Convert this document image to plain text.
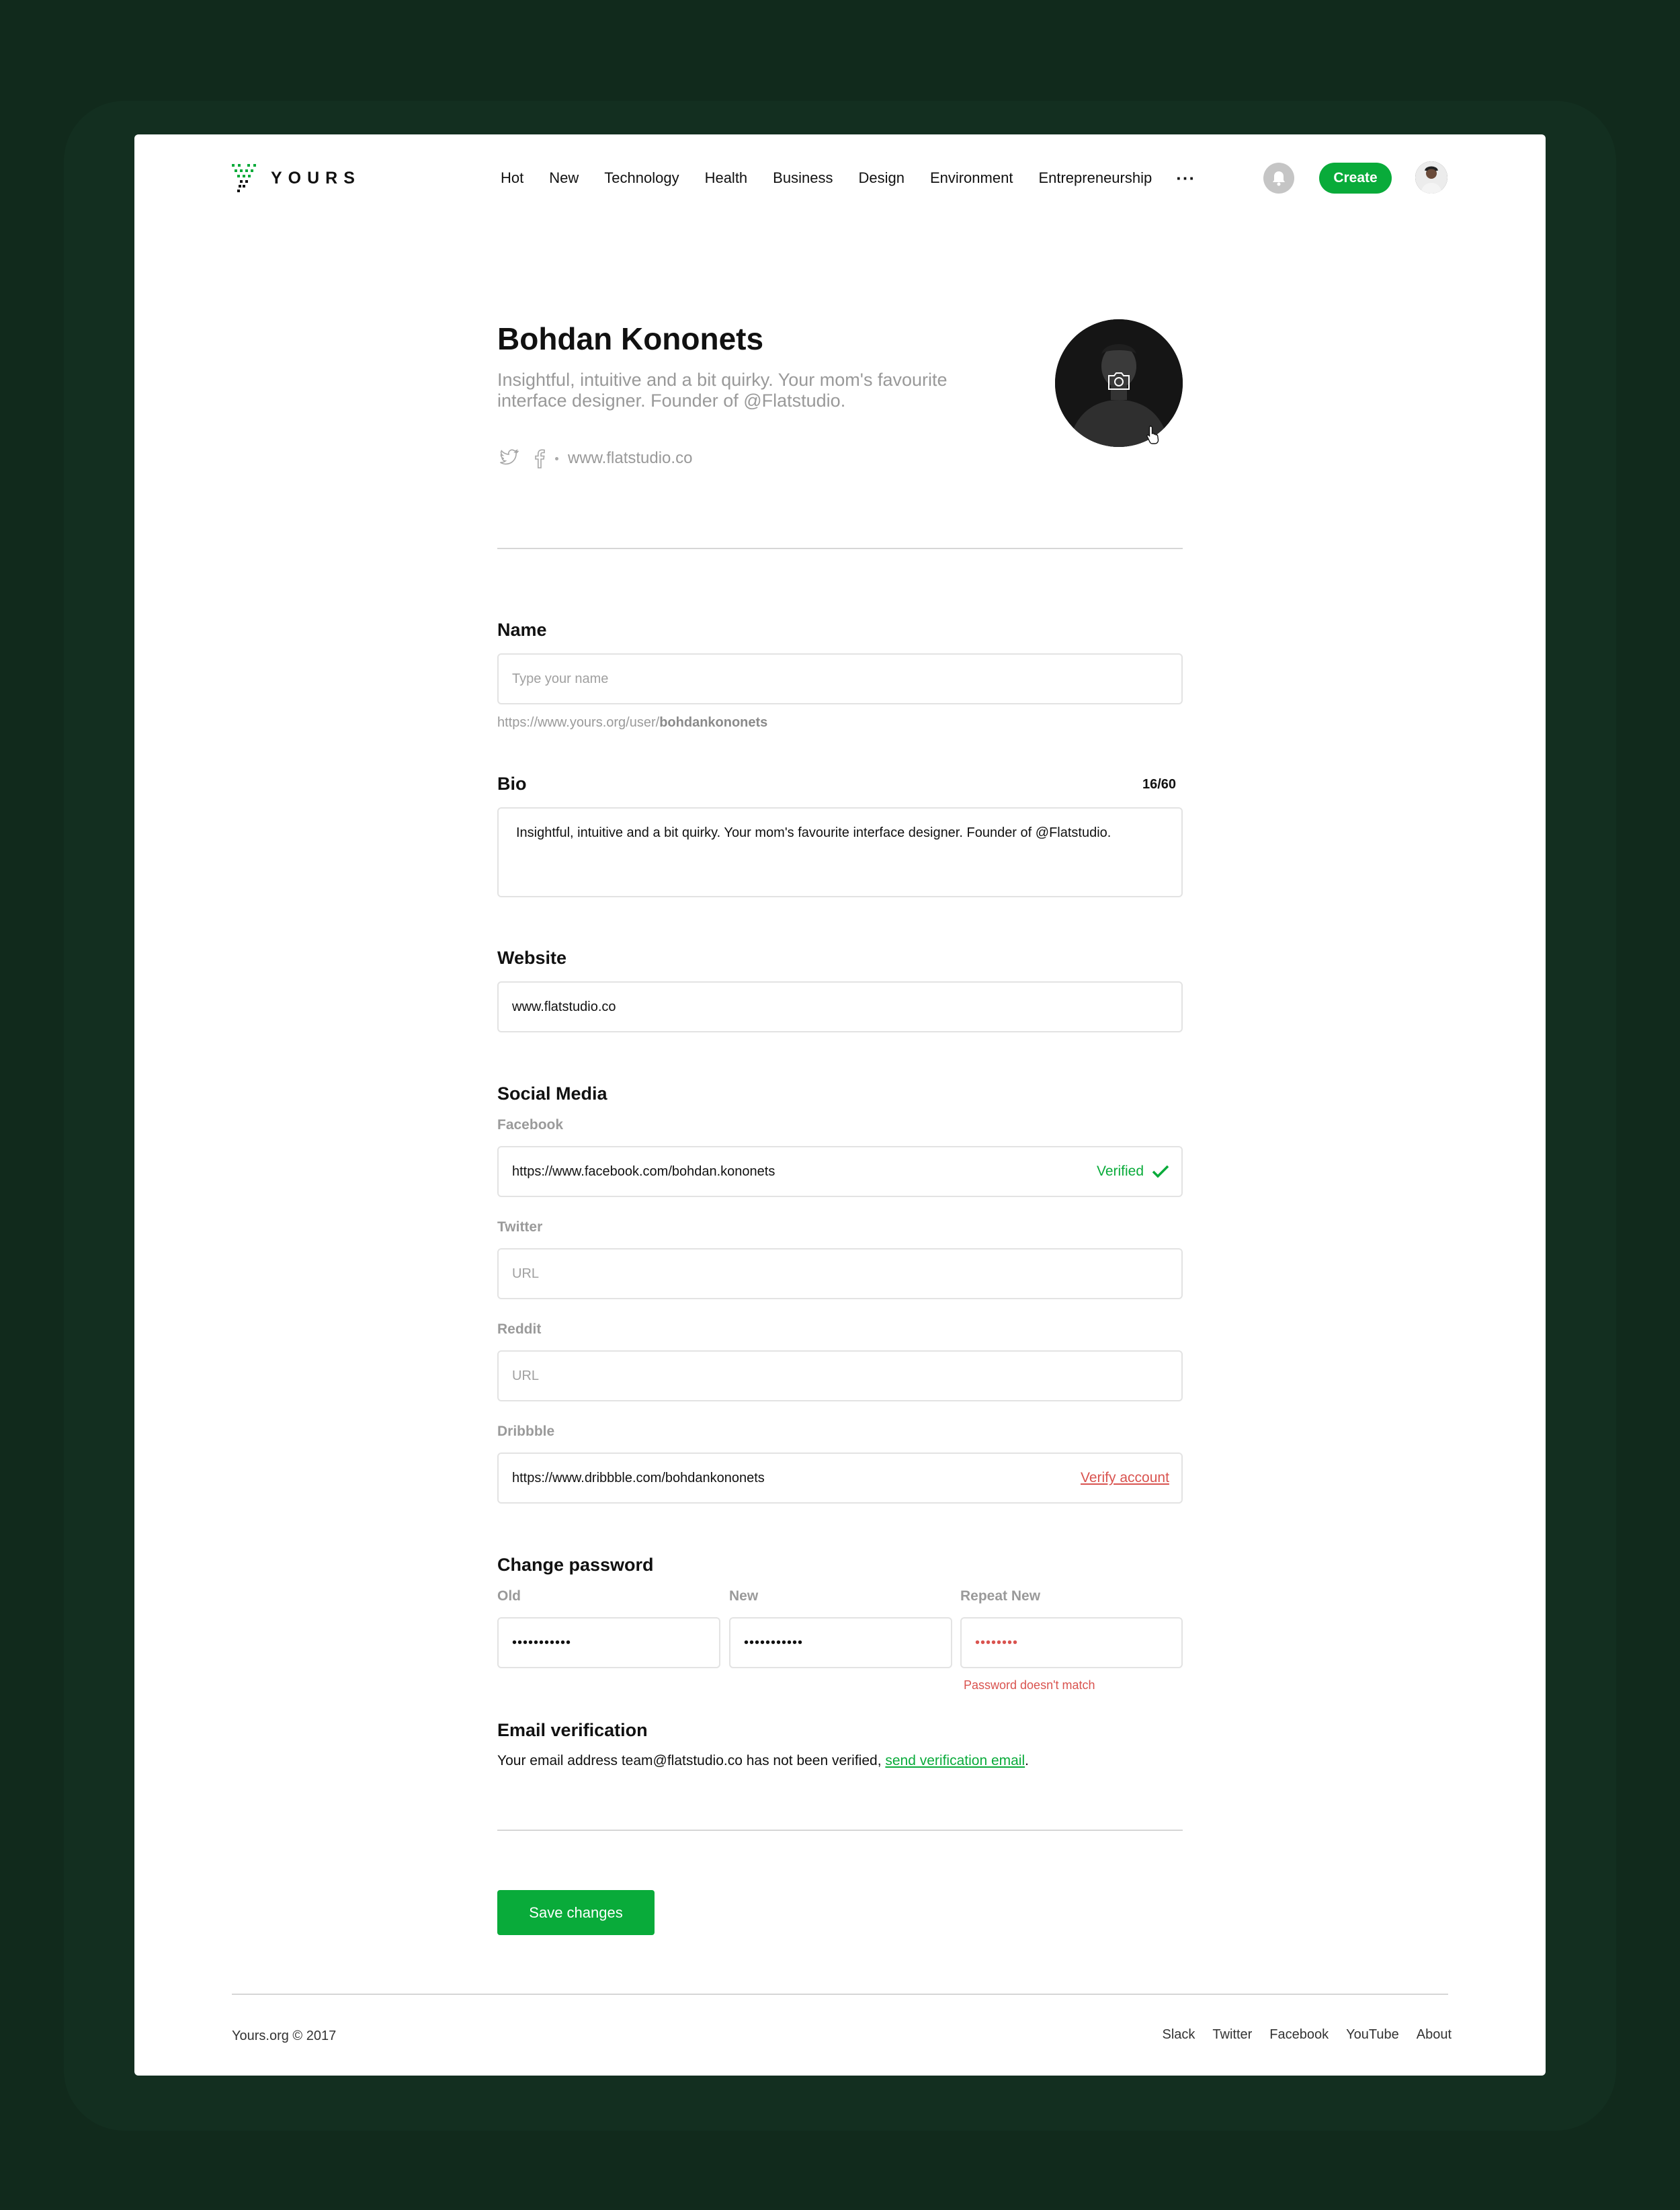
YOURS	Hot New Technology Health Business Design Environment Entrepreneurship ···	Create
Bohdan Kononets
Insightful, intuitive and a bit quirky. Your mom's favourite interface designer. Founder of @Flatstudio.
www.flatstudio.co
Name
Type your name
https://www.yours.org/user/bohdankononets
Bio	16/60
Insightful, intuitive and a bit quirky. Your mom's favourite interface designer. Founder of @Flatstudio.
Website
www.flatstudio.co
Social Media
Facebook
https://www.facebook.com/bohdan.kononets
Verified
Twitter
URL
Reddit
URL
Dribbble
https://www.dribbble.com/bohdankononets
Verify account
Change password
Old	New	Repeat New
•••••••••••	•••••••••••	••••••••
Password doesn't match
Email verification
Your email address team@flatstudio.co has not been verified, send verification email.
Save changes
Yours.org © 2017	Slack Twitter Facebook YouTube About
